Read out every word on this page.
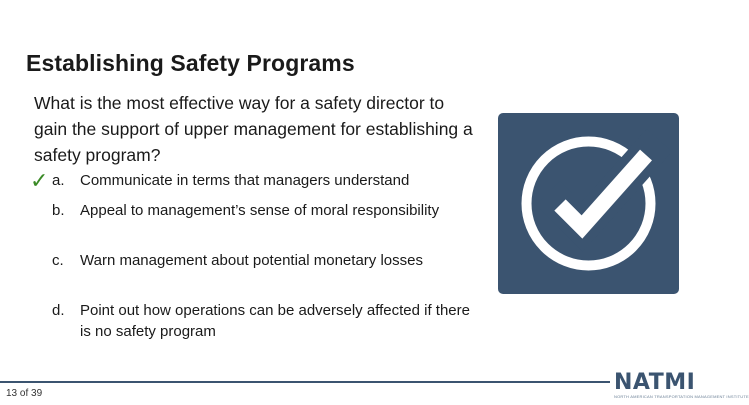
Establishing Safety Programs
What is the most effective way for a safety director to gain the support of upper management for establishing a safety program?
✓ a. Communicate in terms that managers understand
b. Appeal to management’s sense of moral responsibility
c. Warn management about potential monetary losses
d. Point out how operations can be adversely affected if there is no safety program
13 of 39	NATMI
NORTH AMERICAN TRANSPORTATION MANAGEMENT INSTITUTE
